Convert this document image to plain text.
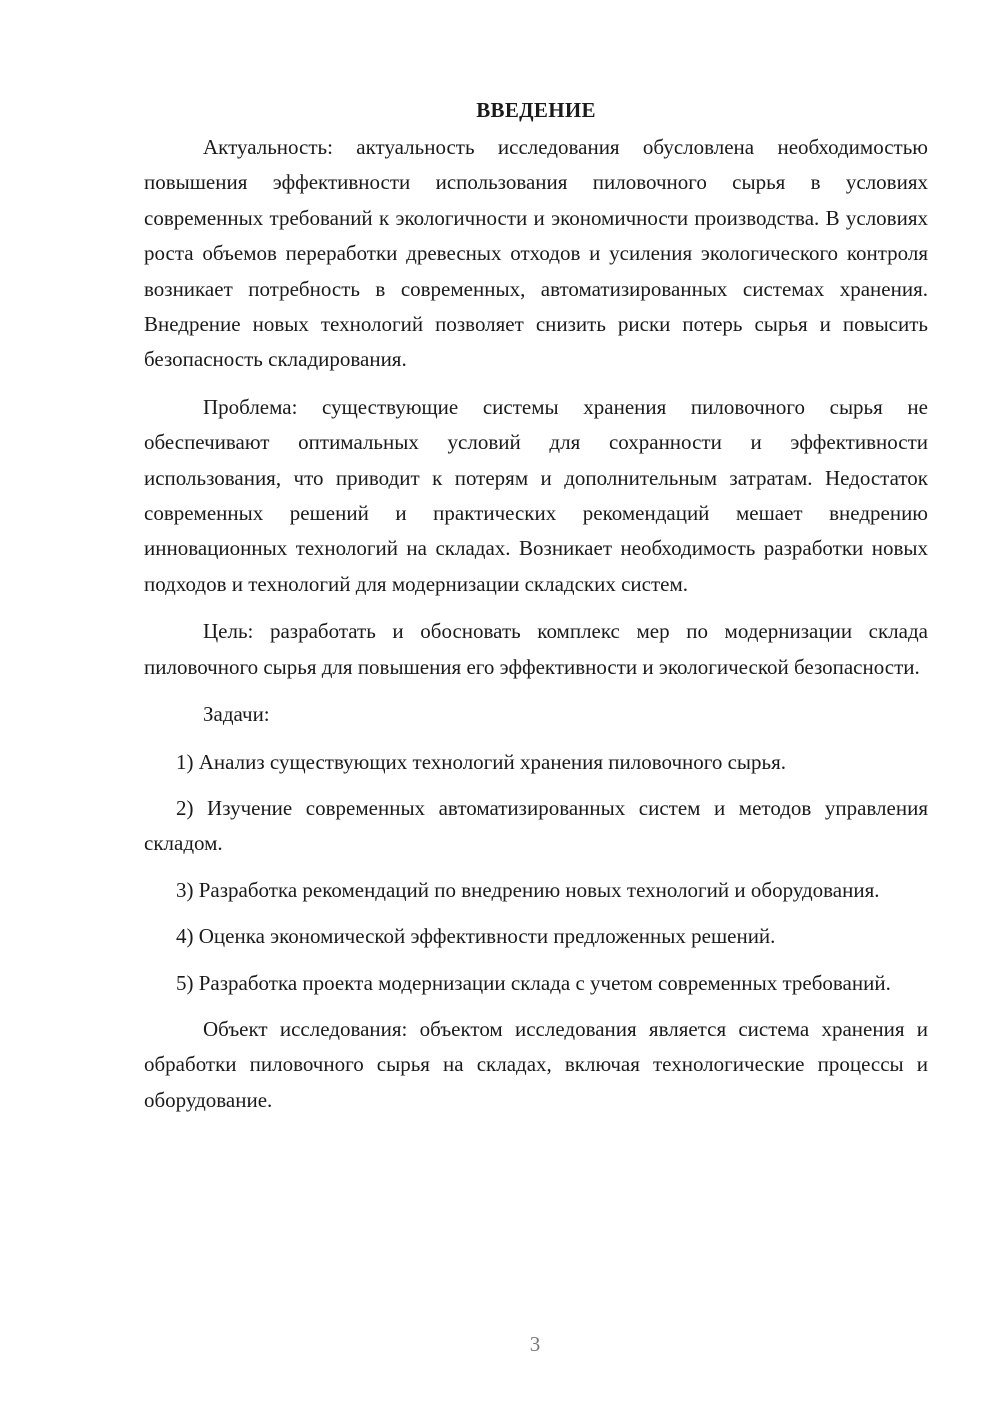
ВВЕДЕНИЕ

Актуальность: актуальность исследования обусловлена необходимостью повышения эффективности использования пиловочного сырья в условиях современных требований к экологичности и экономичности производства. В условиях роста объемов переработки древесных отходов и усиления экологического контроля возникает потребность в современных, автоматизированных системах хранения. Внедрение новых технологий позволяет снизить риски потерь сырья и повысить безопасность складирования.

Проблема: существующие системы хранения пиловочного сырья не обеспечивают оптимальных условий для сохранности и эффективности использования, что приводит к потерям и дополнительным затратам. Недостаток современных решений и практических рекомендаций мешает внедрению инновационных технологий на складах. Возникает необходимость разработки новых подходов и технологий для модернизации складских систем.

Цель: разработать и обосновать комплекс мер по модернизации склада пиловочного сырья для повышения его эффективности и экологической безопасности.

Задачи:

1) Анализ существующих технологий хранения пиловочного сырья.

2) Изучение современных автоматизированных систем и методов управления складом.

3) Разработка рекомендаций по внедрению новых технологий и оборудования.

4) Оценка экономической эффективности предложенных решений.

5) Разработка проекта модернизации склада с учетом современных требований.

Объект исследования: объектом исследования является система хранения и обработки пиловочного сырья на складах, включая технологические процессы и оборудование.

3
